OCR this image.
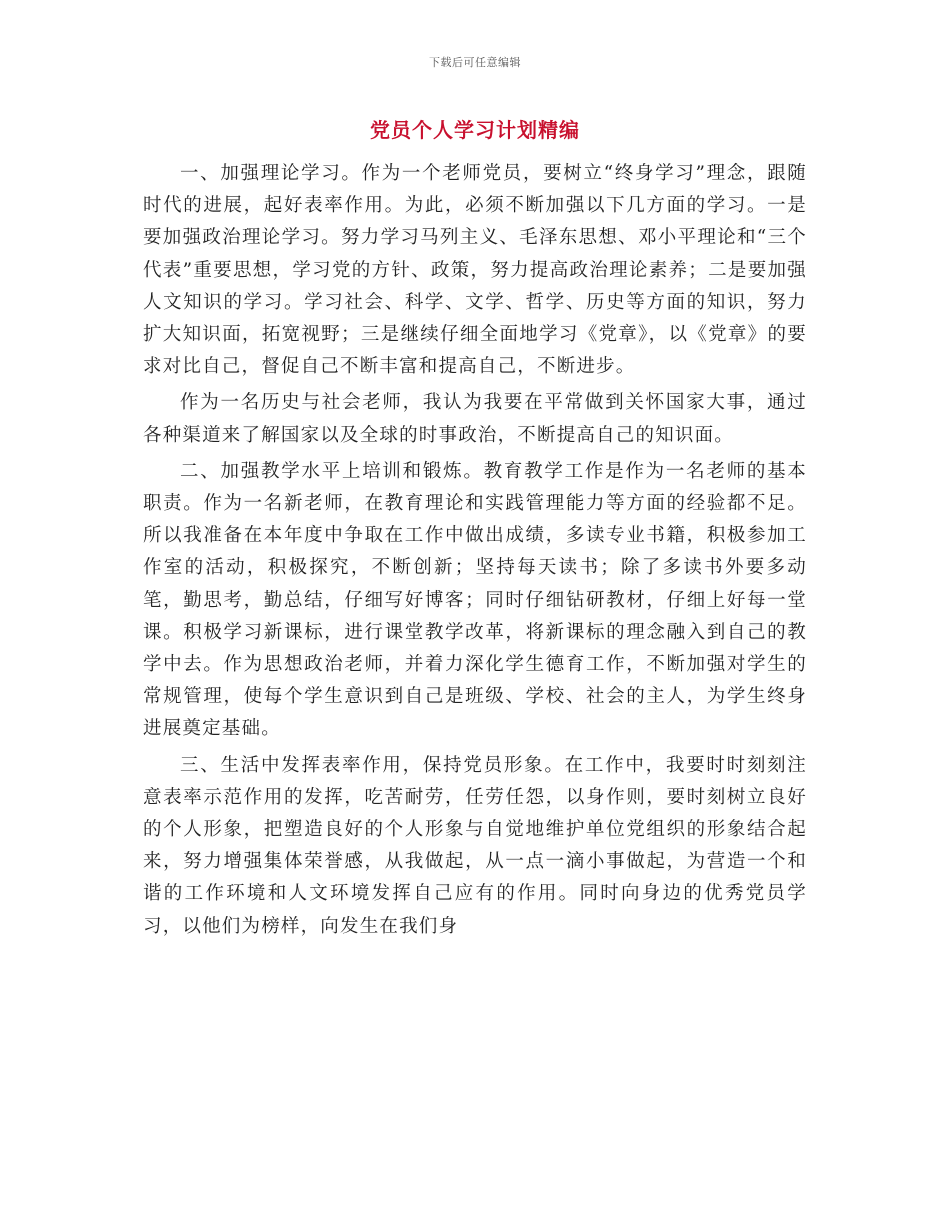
下载后可任意编辑
党员个人学习计划精编

一、加强理论学习。作为一个老师党员，要树立“终身学习”理念，跟随时代的进展，起好表率作用。为此，必须不断加强以下几方面的学习。一是要加强政治理论学习。努力学习马列主义、毛泽东思想、邓小平理论和“三个代表”重要思想，学习党的方针、政策，努力提高政治理论素养；二是要加强人文知识的学习。学习社会、科学、文学、哲学、历史等方面的知识，努力扩大知识面，拓宽视野；三是继续仔细全面地学习《党章》，以《党章》的要求对比自己，督促自己不断丰富和提高自己，不断进步。

作为一名历史与社会老师，我认为我要在平常做到关怀国家大事，通过各种渠道来了解国家以及全球的时事政治，不断提高自己的知识面。

二、加强教学水平上培训和锻炼。教育教学工作是作为一名老师的基本职责。作为一名新老师，在教育理论和实践管理能力等方面的经验都不足。所以我准备在本年度中争取在工作中做出成绩，多读专业书籍，积极参加工作室的活动，积极探究，不断创新；坚持每天读书；除了多读书外要多动笔，勤思考，勤总结，仔细写好博客；同时仔细钻研教材，仔细上好每一堂课。积极学习新课标，进行课堂教学改革，将新课标的理念融入到自己的教学中去。作为思想政治老师，并着力深化学生德育工作，不断加强对学生的常规管理，使每个学生意识到自己是班级、学校、社会的主人，为学生终身进展奠定基础。

三、生活中发挥表率作用，保持党员形象。在工作中，我要时时刻刻注意表率示范作用的发挥，吃苦耐劳，任劳任怨，以身作则，要时刻树立良好的个人形象，把塑造良好的个人形象与自觉地维护单位党组织的形象结合起来，努力增强集体荣誉感，从我做起，从一点一滴小事做起，为营造一个和谐的工作环境和人文环境发挥自己应有的作用。同时向身边的优秀党员学习，以他们为榜样，向发生在我们身
